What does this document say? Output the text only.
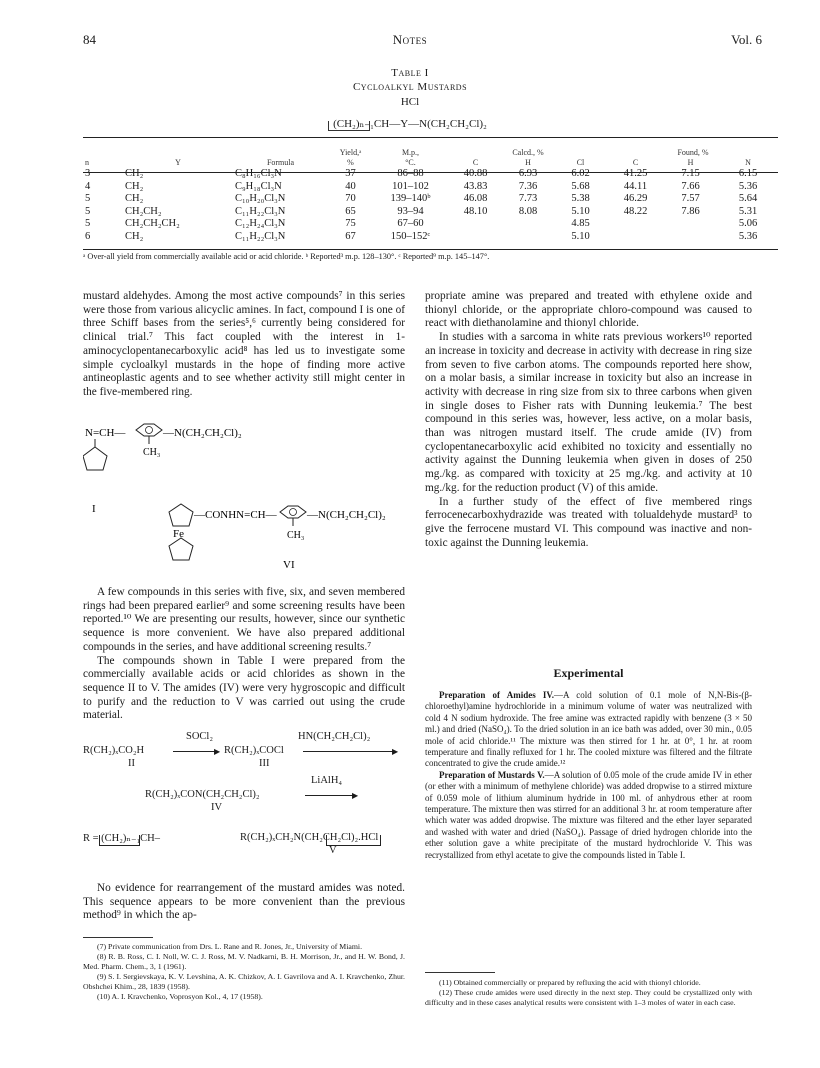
84	Notes	Vol. 6
Table I
Cycloalkyl Mustards
HCl
(CH₂)ₙ₋₁CH—Y—N(CH₂CH₂Cl)₂
			Yield,ᵃ	M.p.,	Calcd., %			Found, %		
n	Y	Formula	%	°C.	C	H	Cl	C	H	N
3	CH₂	C₈H₁₆Cl₃N	37	86–88	40.88	6.93	6.02	41.25	7.15	6.15
4	CH₂	C₉H₁₈Cl₃N	40	101–102	43.83	7.36	5.68	44.11	7.66	5.36
5	CH₂	C₁₀H₂₀Cl₃N	70	139–140ᵇ	46.08	7.73	5.38	46.29	7.57	5.64
5	CH₂CH₂	C₁₁H₂₂Cl₃N	65	93–94	48.10	8.08	5.10	48.22	7.86	5.31
5	CH₂CH₂CH₂	C₁₂H₂₄Cl₃N	75	67–60			4.85			5.06
6	CH₂	C₁₁H₂₂Cl₃N	67	150–152ᶜ			5.10			5.36
ᵃ Over-all yield from commercially available acid or acid chloride. ᵇ Reported³ m.p. 128–130°. ᶜ Reported⁹ m.p. 145–147°.

mustard aldehydes. Among the most active compounds⁷ in this series were those from various alicyclic amines. In fact, compound I is one of three Schiff bases from the series⁵,⁶ currently being considered for clinical trial.⁷ This fact coupled with the interest in 1-aminocyclopentanecarboxylic acid⁸ has led us to investigate some simple cycloalkyl mustards in the hope of finding more active antineoplastic agents and to see whether activity still might center in the five-membered ring.

N=CH—	—N(CH₂CH₂Cl)₂
CH₃
I	—CONHN=CH—	—N(CH₂CH₂Cl)₂
CH₃
Fe
VI

A few compounds in this series with five, six, and seven membered rings had been prepared earlier⁹ and some screening results have been reported.¹⁰ We are presenting our results, however, since our synthetic sequence is more convenient. We have also prepared additional compounds in the series, and have additional screening results.⁷

The compounds shown in Table I were prepared from the commercially available acids or acid chlorides as shown in the sequence II to V. The amides (IV) were very hygroscopic and difficult to purify and the reduction to V was carried out using the crude material.

SOCl₂	HN(CH₂CH₂Cl)₂
R(CH₂)ₓCO₂H	▶ R(CH₂)ₓCOCl	▶
II	III
LiAlH₄
R(CH₂)ₓCON(CH₂CH₂Cl)₂	▶
IV
R = (CH₂)ₙ₋₁CH–	R(CH₂)ₓCH₂N(CH₂CH₂Cl)₂.HCl
V

No evidence for rearrangement of the mustard amides was noted. This sequence appears to be more convenient than the previous method⁹ in which the ap-

(7) Private communication from Drs. L. Rane and R. Jones, Jr., University of Miami.

(8) R. B. Ross, C. I. Noll, W. C. J. Ross, M. V. Nadkarni, B. H. Morrison, Jr., and H. W. Bond, J. Med. Pharm. Chem., 3, 1 (1961).

(9) S. I. Sergievskaya, K. V. Levshina, A. K. Chizkov, A. I. Gavrilova and A. I. Kravchenko, Zhur. Obshchei Khim., 28, 1839 (1958).

(10) A. I. Kravchenko, Voprosyon Kol., 4, 17 (1958).

propriate amine was prepared and treated with ethylene oxide and thionyl chloride, or the appropriate chloro-compound was caused to react with diethanolamine and thionyl chloride.

In studies with a sarcoma in white rats previous workers¹⁰ reported an increase in toxicity and decrease in activity with decrease in ring size from seven to five carbon atoms. The compounds reported here show, on a molar basis, a similar increase in toxicity but also an increase in activity with decrease in ring size from six to three carbons when given in single doses to Fisher rats with Dunning leukemia.⁷ The best compound in this series was, however, less active, on a molar basis, than was nitrogen mustard itself. The crude amide (IV) from cyclopentanecarboxylic acid exhibited no toxicity and essentially no activity against the Dunning leukemia when given in doses of 250 mg./kg. as compared with toxicity at 25 mg./kg. and activity at 10 mg./kg. for the reduction product (V) of this amide.

In a further study of the effect of five membered rings ferrocenecarboxhydrazide was treated with tolualdehyde mustard³ to give the ferrocene mustard VI. This compound was inactive and non-toxic against the Dunning leukemia.

Experimental

Preparation of Amides IV.—A cold solution of 0.1 mole of N,N-Bis-(β-chloroethyl)amine hydrochloride in a minimum volume of water was neutralized with cold 4 N sodium hydroxide. The free amine was extracted rapidly with benzene (3 × 50 ml.) and dried (NaSO₄). To the dried solution in an ice bath was added, over 30 min., 0.05 mole of acid chloride.¹¹ The mixture was then stirred for 1 hr. at 0°, 1 hr. at room temperature and finally refluxed for 1 hr. The cooled mixture was filtered and the filtrate concentrated to give the crude amide.¹²

Preparation of Mustards V.—A solution of 0.05 mole of the crude amide IV in ether (or ether with a minimum of methylene chloride) was added dropwise to a stirred mixture of 0.059 mole of lithium aluminum hydride in 100 ml. of anhydrous ether at room temperature. The mixture then was stirred for an additional 3 hr. at room temperature after which water was added dropwise. The mixture was filtered and the ether layer separated and washed with water and dried (NaSO₄). Passage of dried hydrogen chloride into the ether solution gave a white precipitate of the mustard hydrochloride V. This was recrystallized from ethyl acetate to give the compounds listed in Table I.

(11) Obtained commercially or prepared by refluxing the acid with thionyl chloride.

(12) These crude amides were used directly in the next step. They could be crystallized only with difficulty and in these cases analytical results were consistent with 1–3 moles of water in each case.
